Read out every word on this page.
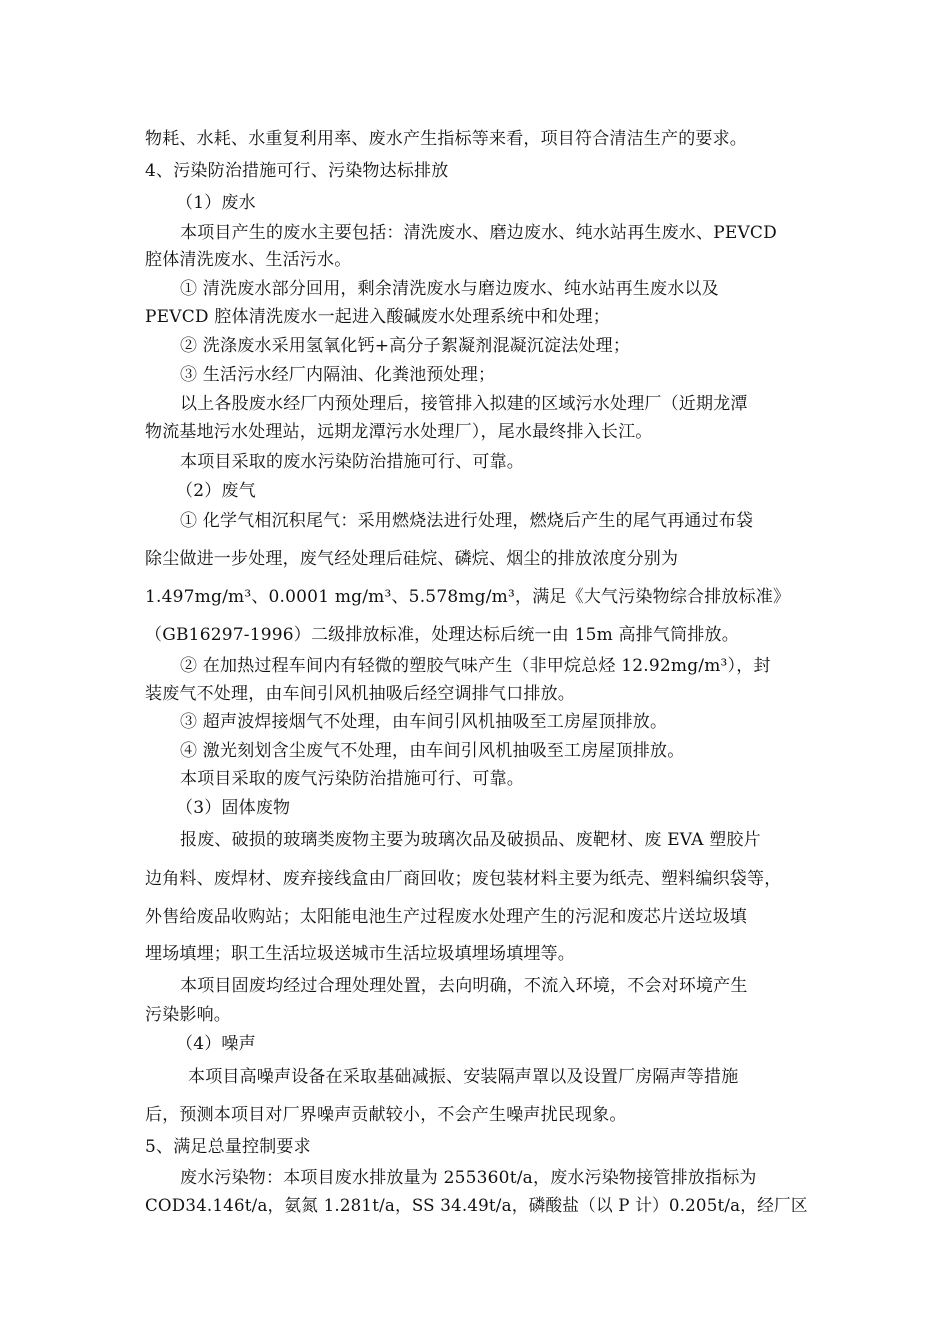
物耗、水耗、水重复利用率、废水产生指标等来看，项目符合清洁生产的要求。
4、污染防治措施可行、污染物达标排放
（1）废水
本项目产生的废水主要包括：清洗废水、磨边废水、纯水站再生废水、PEVCD
腔体清洗废水、生活污水。
① 清洗废水部分回用，剩余清洗废水与磨边废水、纯水站再生废水以及
PEVCD 腔体清洗废水一起进入酸碱废水处理系统中和处理；
② 洗涤废水采用氢氧化钙+高分子絮凝剂混凝沉淀法处理；
③ 生活污水经厂内隔油、化粪池预处理；
以上各股废水经厂内预处理后，接管排入拟建的区域污水处理厂（近期龙潭
物流基地污水处理站，远期龙潭污水处理厂），尾水最终排入长江。
本项目采取的废水污染防治措施可行、可靠。
（2）废气
① 化学气相沉积尾气：采用燃烧法进行处理，燃烧后产生的尾气再通过布袋
除尘做进一步处理，废气经处理后硅烷、磷烷、烟尘的排放浓度分别为
1.497mg/m³、0.0001 mg/m³、5.578mg/m³，满足《大气污染物综合排放标准》
（GB16297-1996）二级排放标准，处理达标后统一由 15m 高排气筒排放。
② 在加热过程车间内有轻微的塑胶气味产生（非甲烷总烃 12.92mg/m³），封
装废气不处理，由车间引风机抽吸后经空调排气口排放。
③ 超声波焊接烟气不处理，由车间引风机抽吸至工房屋顶排放。
④ 激光刻划含尘废气不处理，由车间引风机抽吸至工房屋顶排放。
本项目采取的废气污染防治措施可行、可靠。
（3）固体废物
报废、破损的玻璃类废物主要为玻璃次品及破损品、废靶材、废 EVA 塑胶片
边角料、废焊材、废弃接线盒由厂商回收；废包装材料主要为纸壳、塑料编织袋等，
外售给废品收购站；太阳能电池生产过程废水处理产生的污泥和废芯片送垃圾填
埋场填埋；职工生活垃圾送城市生活垃圾填埋场填埋等。
本项目固废均经过合理处理处置，去向明确，不流入环境，不会对环境产生
污染影响。
（4）噪声
本项目高噪声设备在采取基础减振、安装隔声罩以及设置厂房隔声等措施
后，预测本项目对厂界噪声贡献较小，不会产生噪声扰民现象。
5、满足总量控制要求
废水污染物：本项目废水排放量为 255360t/a，废水污染物接管排放指标为
COD34.146t/a，氨氮 1.281t/a，SS 34.49t/a，磷酸盐（以 P 计）0.205t/a，经厂区
